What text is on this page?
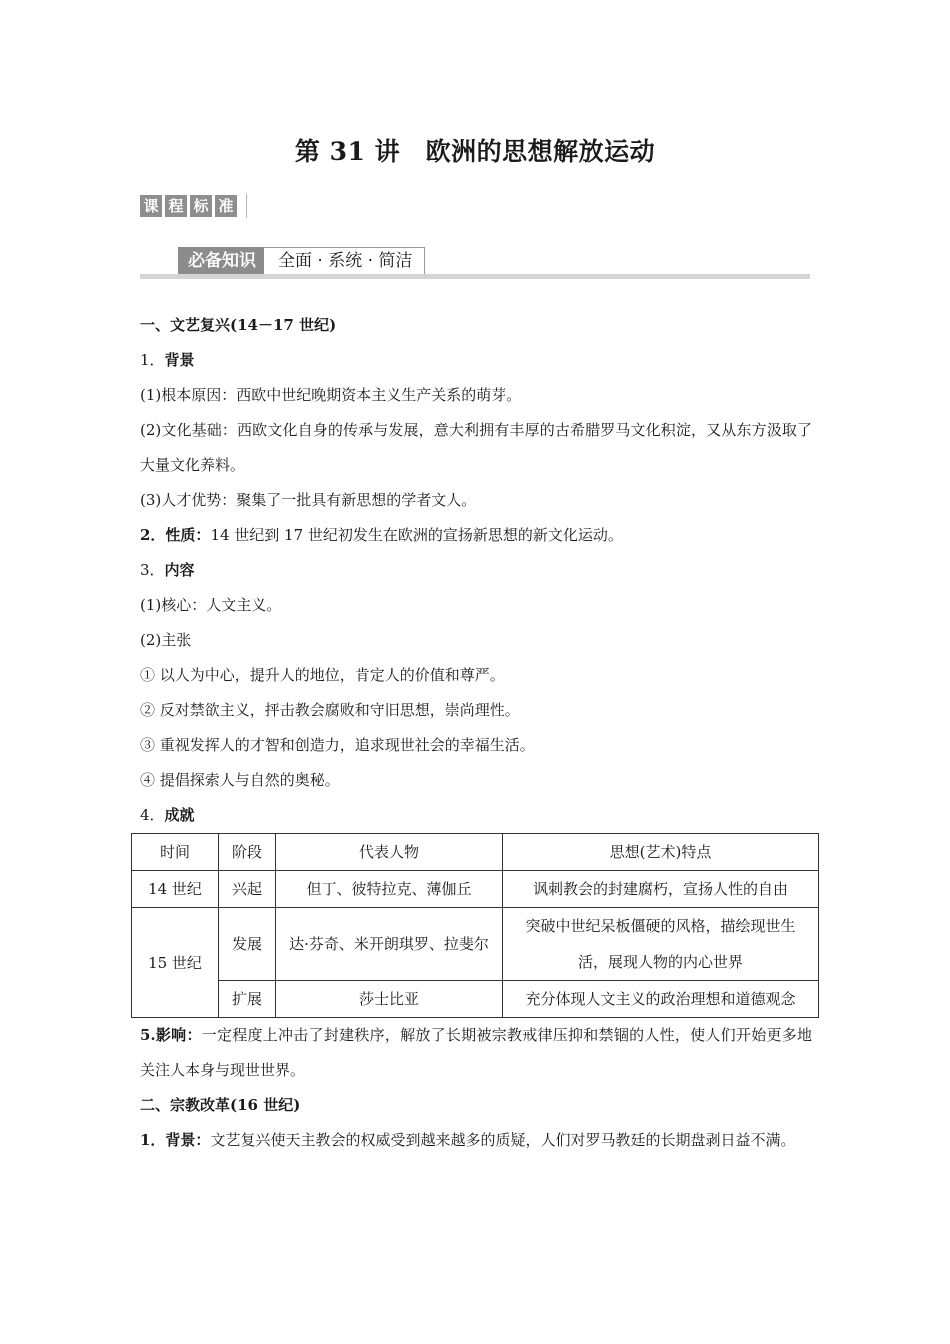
第 31 讲　欧洲的思想解放运动
课 程 标 准
必备知识	全面 · 系统 · 简洁

一、文艺复兴(14－17 世纪)

1．背景

(1)根本原因：西欧中世纪晚期资本主义生产关系的萌芽。

(2)文化基础：西欧文化自身的传承与发展，意大利拥有丰厚的古希腊罗马文化积淀，又从东方汲取了大量文化养料。

(3)人才优势：聚集了一批具有新思想的学者文人。

2．性质：14 世纪到 17 世纪初发生在欧洲的宣扬新思想的新文化运动。

3．内容

(1)核心：人文主义。

(2)主张

① 以人为中心，提升人的地位，肯定人的价值和尊严。

② 反对禁欲主义，抨击教会腐败和守旧思想，崇尚理性。

③ 重视发挥人的才智和创造力，追求现世社会的幸福生活。

④ 提倡探索人与自然的奥秘。

4．成就

时间	阶段	代表人物	思想(艺术)特点
14 世纪	兴起	但丁、彼特拉克、薄伽丘	讽刺教会的封建腐朽，宣扬人性的自由
15 世纪	发展	达·芬奇、米开朗琪罗、拉斐尔	突破中世纪呆板僵硬的风格，描绘现世生活，展现人物的内心世界
	扩展	莎士比亚	充分体现人文主义的政治理想和道德观念

5.影响：一定程度上冲击了封建秩序，解放了长期被宗教戒律压抑和禁锢的人性，使人们开始更多地关注人本身与现世世界。

二、宗教改革(16 世纪)

1．背景：文艺复兴使天主教会的权威受到越来越多的质疑，人们对罗马教廷的长期盘剥日益不满。
